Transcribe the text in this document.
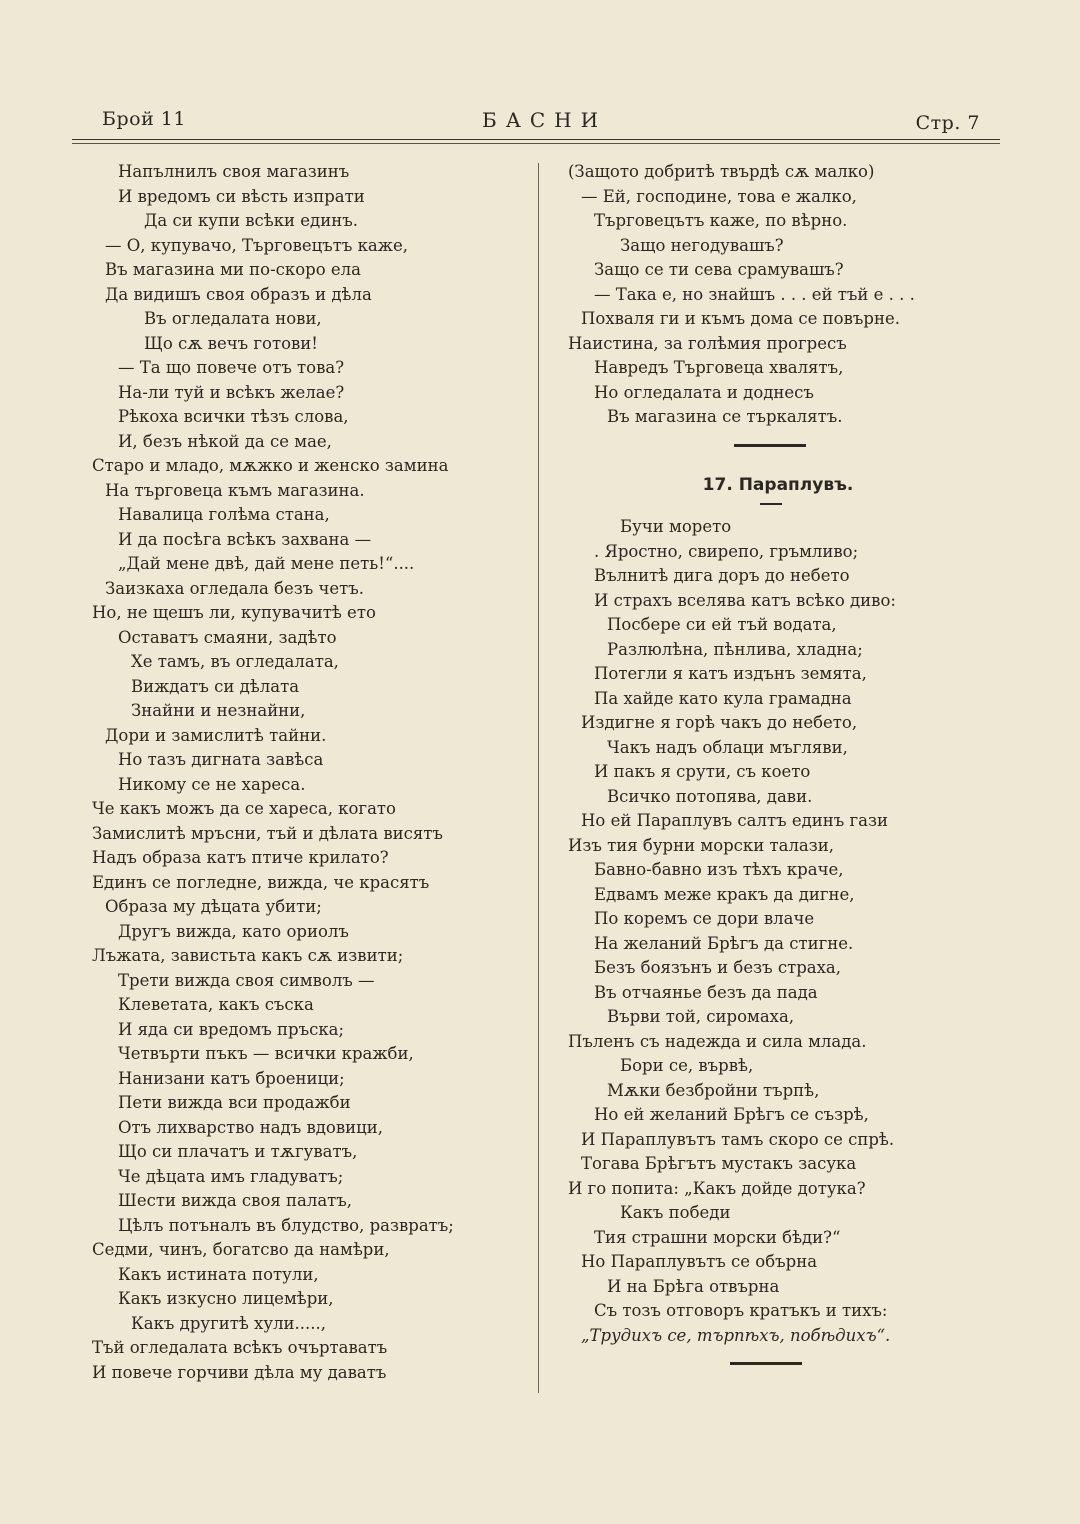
Брой 11	БАСНИ	Стр. 7
Напълнилъ своя магазинъ
И вредомъ си вѣсть изпрати
Да си купи всѣки единъ.
— О, купувачо, Търговецътъ каже,
Въ магазина ми по-скоро ела
Да видишъ своя образъ и дѣла
Въ огледалата нови,
Що сѫ вечъ готови!
— Та що повече отъ това?
На-ли туй и всѣкъ желае?
Рѣкоха всички тѣзъ слова,
И, безъ нѣкой да се мае,
Старо и младо, мѫжко и женско замина
На търговеца къмъ магазина.
Навалица голѣма стана,
И да посѣга всѣкъ захвана —
„Дай мене двѣ, дай мене петь!“....
Заизкаха огледала безъ четъ.
Но, не щешъ ли, купувачитѣ ето
Оставатъ смаяни, задѣто
Хе тамъ, въ огледалата,
Виждатъ си дѣлата
Знайни и незнайни,
Дори и замислитѣ тайни.
Но тазъ дигната завѣса
Никому се не хареса.
Че какъ можъ да се хареса, когато
Замислитѣ мръсни, тъй и дѣлата висятъ
Надъ образа катъ птиче крилато?
Единъ се погледне, вижда, че красятъ
Образа му дѣцата убити;
Другъ вижда, като ориолъ
Лъжата, завистьта какъ сѫ извити;
Трети вижда своя символъ —
Клеветата, какъ съска
И яда си вредомъ пръска;
Четвърти пъкъ — всички кражби,
Нанизани катъ броеници;
Пети вижда вси продажби
Отъ лихварство надъ вдовици,
Що си плачатъ и тѫгуватъ,
Че дѣцата имъ гладуватъ;
Шести вижда своя палатъ,
Цѣлъ потъналъ въ блудство, развратъ;
Седми, чинъ, богатсво да намѣри,
Какъ истината потули,
Какъ изкусно лицемѣри,
Какъ другитѣ хули.....,
Тъй огледалата всѣкъ очъртаватъ
И повече горчиви дѣла му даватъ
(Защото добритѣ твърдѣ сѫ малко)
— Ей, господине, това е жалко,
Търговецътъ каже, по вѣрно.
Защо негодувашъ?
Защо се ти сева срамувашъ?
— Така е, но знайшъ . . . ей тъй е . . .
Похваля ги и къмъ дома се повърне.
Наистина, за голѣмия прогресъ
Навредъ Търговеца хвалятъ,
Но огледалата и доднесъ
Въ магазина се търкалятъ.
17. Параплувъ.
Бучи морето
. Яростно, свирепо, гръмливо;
Вълнитѣ дига доръ до небето
И страхъ вселява катъ всѣко диво:
Посбере си ей тъй водата,
Разлюлѣна, пѣнлива, хладна;
Потегли я катъ издънъ земята,
Па хайде като кула грамадна
Издигне я горѣ чакъ до небето,
Чакъ надъ облаци мъгляви,
И пакъ я срути, съ което
Всичко потопява, дави.
Но ей Параплувъ салтъ единъ гази
Изъ тия бурни морски талази,
Бавно-бавно изъ тѣхъ краче,
Едвамъ меже кракъ да дигне,
По коремъ се дори влаче
На желаний Брѣгъ да стигне.
Безъ боязънъ и безъ страха,
Въ отчаянье безъ да пада
Върви той, сиромаха,
Пъленъ съ надежда и сила млада.
Бори се, вървѣ,
Мѫки безбройни търпѣ,
Но ей желаний Брѣгъ се съзрѣ,
И Параплувътъ тамъ скоро се спрѣ.
Тогава Брѣгътъ мустакъ засука
И го попита: „Какъ дойде дотука?
Какъ победи
Тия страшни морски бѣди?“
Но Параплувътъ се обърна
И на Брѣга отвърна
Съ тозъ отговоръ кратъкъ и тихъ:
„Трудихъ се, търпѣхъ, побѣдихъ“.
